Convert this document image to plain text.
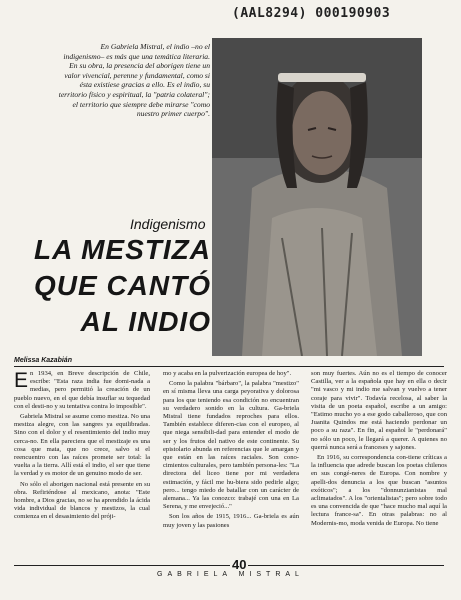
(AAL8294) 000190903

En Gabriela Mistral, el indio –no el indigenismo– es más que una temática literaria. En su obra, la presencia del aborigen tiene un valor vivencial, perenne y fundamental, como si ésta existiese gracias a ello. Es el indio, su territorio físico y espiritual, la "patria colateral"; el territorio que siempre debe mirarse "como nuestro primer cuerpo".

Indigenismo
LA MESTIZA
QUE CANTÓ
AL INDIO
Melissa Kazabián

En 1934, en Breve descripción de Chile, escribe: "Esta raza india fue domi-nada a medias, pero permitió la creación de un pueblo nuevo, en el que debía insuflar su tequedad con el desti-no y su tentativa contra lo imposible".

Gabriela Mistral se asume como mestiza. No una mestiza alegre, con las sangres ya equilibradas. Sino con el dolor y el resentimiento del indio muy cerca-no. En ella pareciera que el mestizaje es una cosa que mata, que no crece, salvo si el reencuentro con las raíces promete ser total: la vuelta a la tierra. Allí está el indio, el ser que tiene la verdad y es motor de un genuino modo de ser.

No sólo el aborigen nacional está presente en su obra. Refiriéndose al mexicano, anota: "Este hombre, a Dios gracias, no se ha aprendido la ácida vida individual de blancos y mestizos, la cual comienza en el desasimiento del próji-

mo y acaba en la pulverización europea de hoy".

Como la palabra "bárbaro", la palabra "mestizo" en sí misma lleva una carga peyorativa y dolorosa para los que teniendo esa condición no encuentran su verdadero sonido en la cultura. Ga-briela Mistral tiene fundados reproches para ellos. También establece diferen-cias con el europeo, al que niega sensibili-dad para entender el modo de ser y los frutos del nativo de este continente. Su epistolario abunda en referencias que le amargan y que están en las raíces raciales. Son cono-cimientos culturales, pero también persona-les: "La directora del liceo tiene por mi verdadera estimación, y fácil me hu-biera sido pedirle algo; pero... tengo miedo de batallar con un carácter de alemana... Ya las conozco: trabajé con una en La Serena, y me envejeció..."

Son los años de 1915, 1916... Ga-briela es aún muy joven y las pasiones

son muy fuertes. Aún no es el tiempo de conocer Castilla, ver a la española que hay en ella o decir "mi vasco y mi indio me salvan y vuelvo a tener coraje para vivir". Todavía recelosa, al saber la visita de un poeta español, escribe a un amigo: "Estimo mucho yo a ese godo caballeroso, que con Juanita Quindos me está haciendo perdonar un poco a su raza". En fin, al español le "perdonará" no sólo un poco, le llegará a querer. A quienes no querrá nunca será a franceses y sajones.

En 1916, su correspondencia con-tiene críticas a la influencia que adrede buscan los poetas chilenos en sus congé-neres de Europa. Con nombre y apelli-dos denuncia a los que buscan "asuntos exóticos"; a los "donnunzianistas mal aclimatados". A los "orientalistas"; pero sobre todo es una convencida de que "hace mucho mal aquí la lectura france-sa". En otras palabras: no al Modernis-mo, moda venida de Europa. No tiene

40
GABRIELA MISTRAL
